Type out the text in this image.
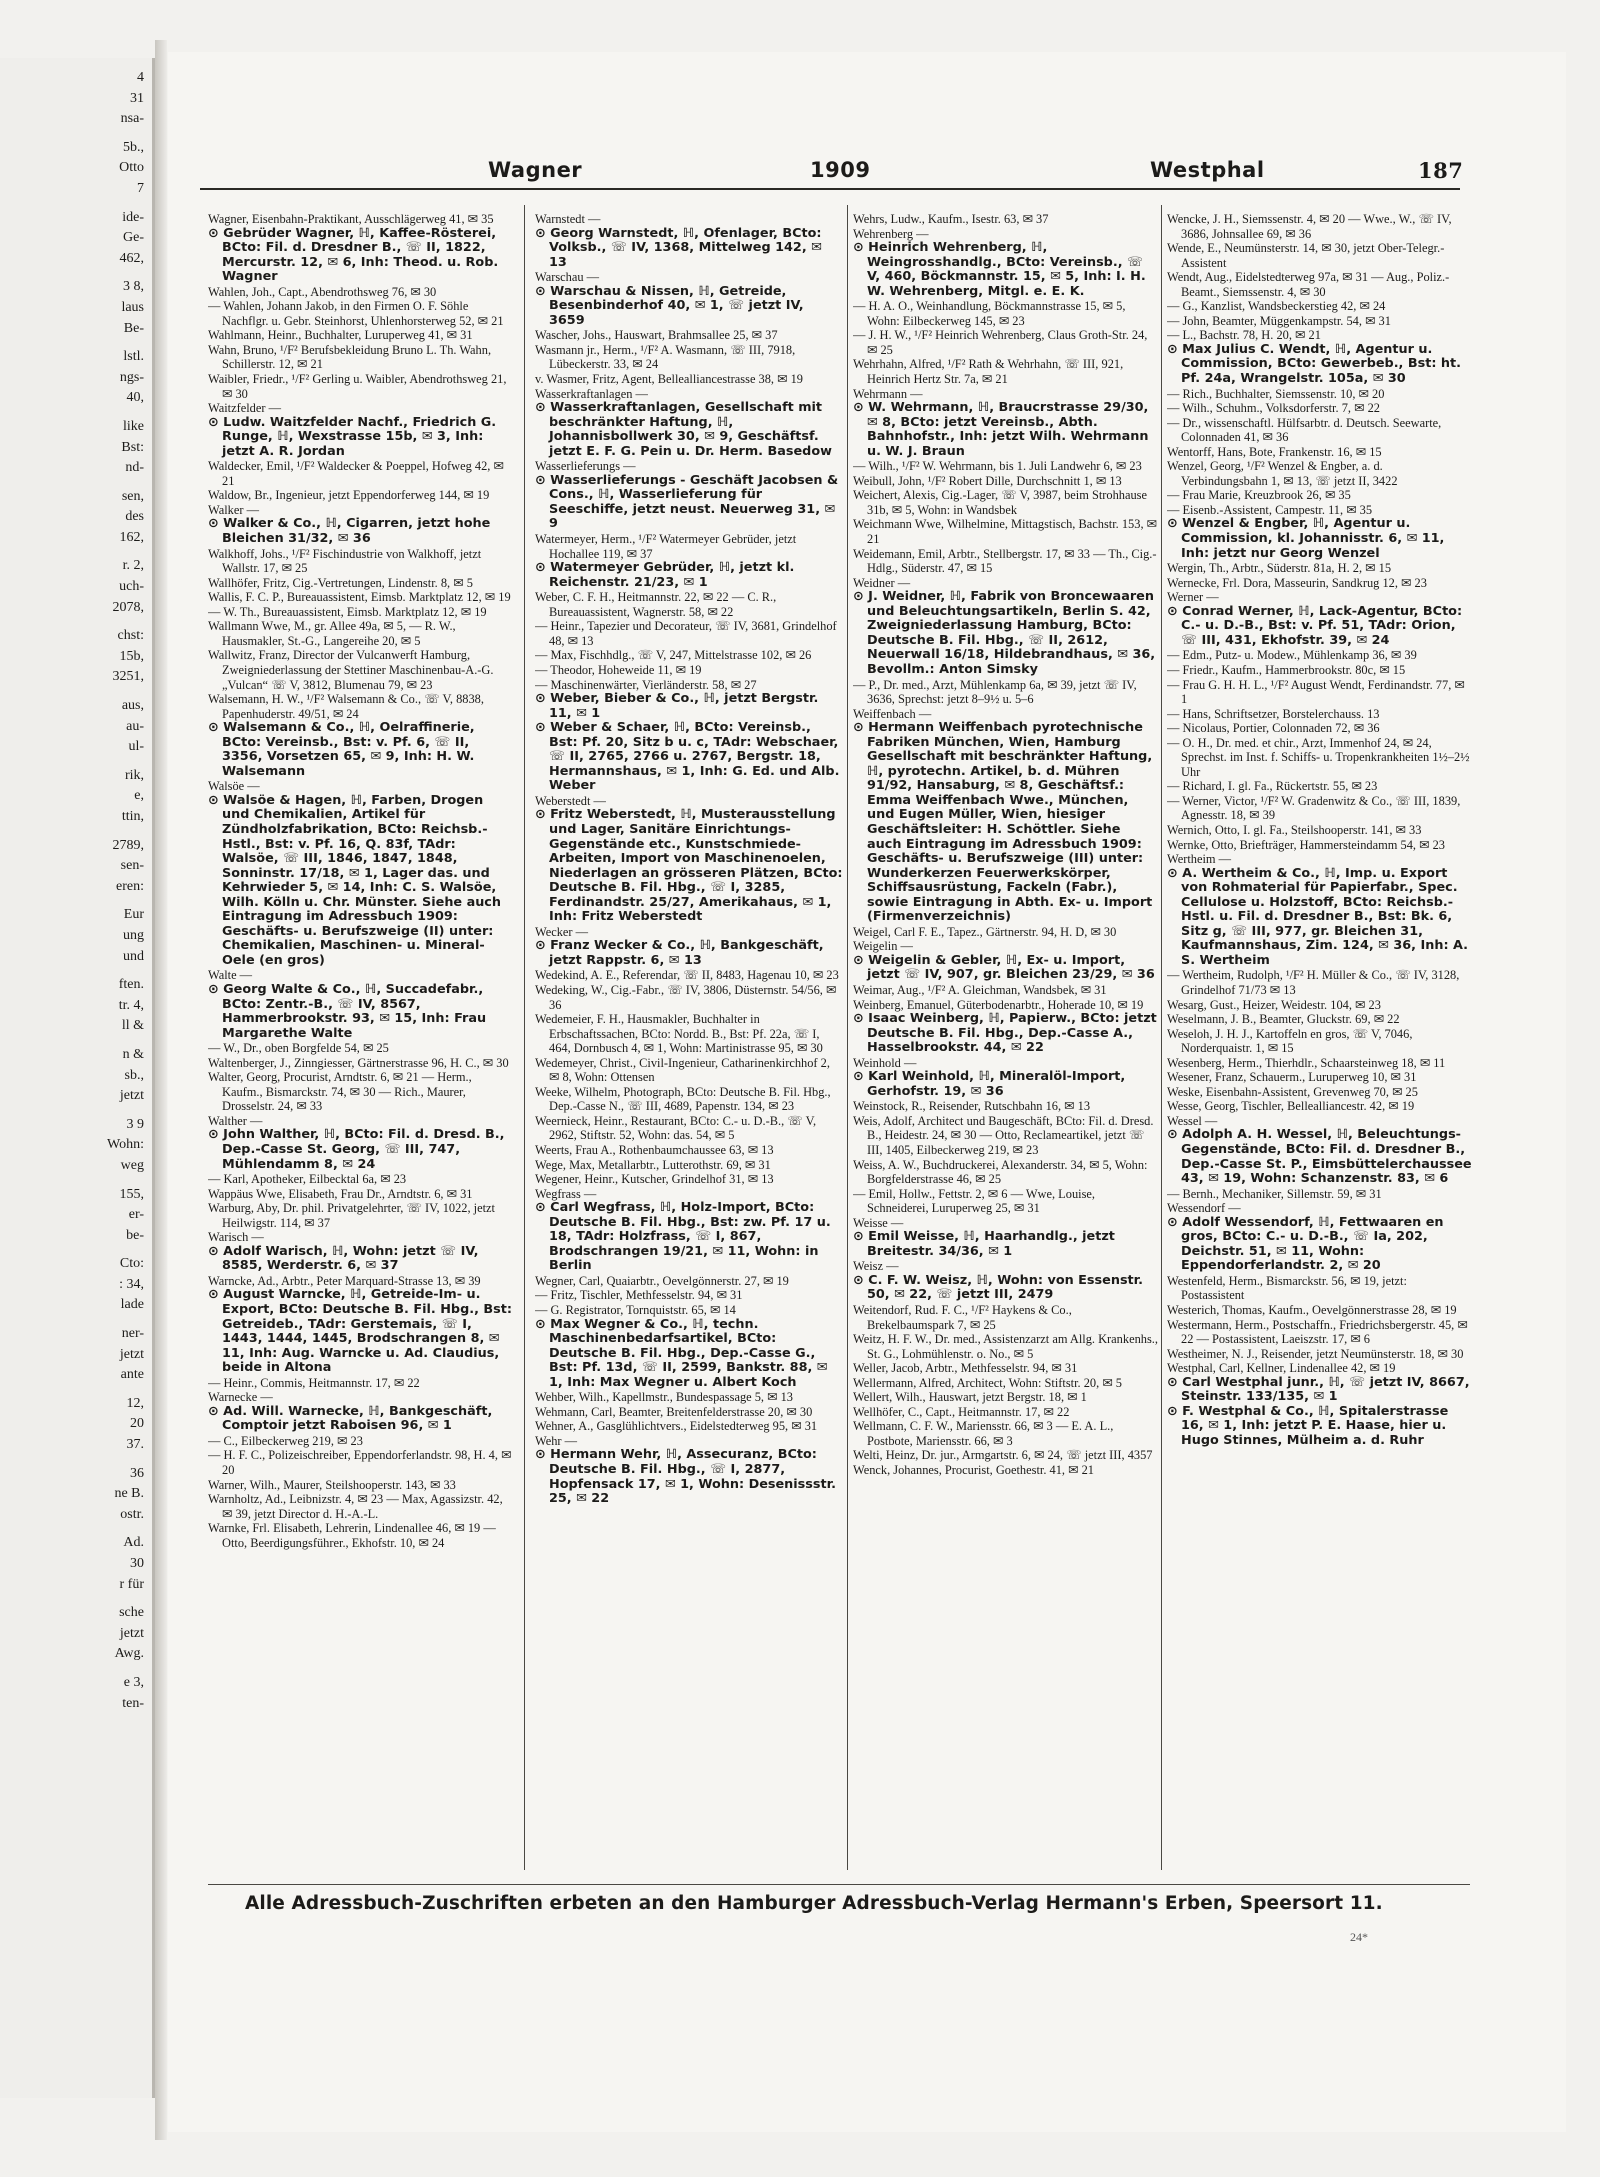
4
31
nsa-
5b.,
Otto
7
ide-
Ge-
462,
3 8,
laus
Be-
lstl.
ngs-
40,
like
Bst:
nd-
sen,
des
162,
r. 2,
uch-
2078,
chst:
15b,
3251,
aus,
au-
ul-
rik,
e,
ttin,
2789,
sen-
eren:
Eur
ung
und
ften.
tr. 4,
ll &
n &
sb.,
jetzt
3 9
Wohn:
weg
155,
er-
be-
Cto:
: 34,
lade
ner-
jetzt
ante
12,
20
37.
36
ne B.
ostr.
Ad.
30
r für
sche
jetzt
Awg.
e 3,
ten-
Wagner	1909	Westphal	187

Wagner, Eisenbahn-Praktikant, Ausschlägerweg 41, ✉ 35

⊙ Gebrüder Wagner, ℍ, Kaffee-Rösterei, BCto: Fil. d. Dresdner B., ☏ II, 1822, Mercurstr. 12, ✉ 6, Inh: Theod. u. Rob. Wagner

Wahlen, Joh., Capt., Abendrothsweg 76, ✉ 30

— Wahlen, Johann Jakob, in den Firmen O. F. Söhle Nachflgr. u. Gebr. Steinhorst, Uhlenhorsterweg 52, ✉ 21

Wahlmann, Heinr., Buchhalter, Luruperweg 41, ✉ 31

Wahn, Bruno, ¹/F² Berufsbekleidung Bruno L. Th. Wahn, Schillerstr. 12, ✉ 21

Waibler, Friedr., ¹/F² Gerling u. Waibler, Abendrothsweg 21, ✉ 30

Waitzfelder —

⊙ Ludw. Waitzfelder Nachf., Friedrich G. Runge, ℍ, Wexstrasse 15b, ✉ 3, Inh: jetzt A. R. Jordan

Waldecker, Emil, ¹/F² Waldecker & Poeppel, Hofweg 42, ✉ 21

Waldow, Br., Ingenieur, jetzt Eppendorferweg 144, ✉ 19

Walker —

⊙ Walker & Co., ℍ, Cigarren, jetzt hohe Bleichen 31/32, ✉ 36

Walkhoff, Johs., ¹/F² Fischindustrie von Walkhoff, jetzt Wallstr. 17, ✉ 25

Wallhöfer, Fritz, Cig.-Vertretungen, Lindenstr. 8, ✉ 5

Wallis, F. C. P., Bureauassistent, Eimsb. Marktplatz 12, ✉ 19

— W. Th., Bureauassistent, Eimsb. Marktplatz 12, ✉ 19

Wallmann Wwe, M., gr. Allee 49a, ✉ 5, — R. W., Hausmakler, St.-G., Langereihe 20, ✉ 5

Wallwitz, Franz, Director der Vulcanwerft Hamburg, Zweigniederlassung der Stettiner Maschinenbau-A.-G. „Vulcan“ ☏ V, 3812, Blumenau 79, ✉ 23

Walsemann, H. W., ¹/F² Walsemann & Co., ☏ V, 8838, Papenhuderstr. 49/51, ✉ 24

⊙ Walsemann & Co., ℍ, Oelraffinerie, BCto: Vereinsb., Bst: v. Pf. 6, ☏ II, 3356, Vorsetzen 65, ✉ 9, Inh: H. W. Walsemann

Walsöe —

⊙ Walsöe & Hagen, ℍ, Farben, Drogen und Chemikalien, Artikel für Zündholzfabrikation, BCto: Reichsb.-Hstl., Bst: v. Pf. 16, Q. 83f, TAdr: Walsöe, ☏ III, 1846, 1847, 1848, Sonninstr. 17/18, ✉ 1, Lager das. und Kehrwieder 5, ✉ 14, Inh: C. S. Walsöe, Wilh. Kölln u. Chr. Münster. Siehe auch Eintragung im Adressbuch 1909: Geschäfts- u. Berufszweige (II) unter: Chemikalien, Maschinen- u. Mineral-Oele (en gros)

Walte —

⊙ Georg Walte & Co., ℍ, Succadefabr., BCto: Zentr.-B., ☏ IV, 8567, Hammerbrookstr. 93, ✉ 15, Inh: Frau Margarethe Walte

— W., Dr., oben Borgfelde 54, ✉ 25

Waltenberger, J., Zinngiesser, Gärtnerstrasse 96, H. C., ✉ 30

Walter, Georg, Procurist, Arndtstr. 6, ✉ 21 — Herm., Kaufm., Bismarckstr. 74, ✉ 30 — Rich., Maurer, Drosselstr. 24, ✉ 33

Walther —

⊙ John Walther, ℍ, BCto: Fil. d. Dresd. B., Dep.-Casse St. Georg, ☏ III, 747, Mühlendamm 8, ✉ 24

— Karl, Apotheker, Eilbecktal 6a, ✉ 23

Wappäus Wwe, Elisabeth, Frau Dr., Arndtstr. 6, ✉ 31

Warburg, Aby, Dr. phil. Privatgelehrter, ☏ IV, 1022, jetzt Heilwigstr. 114, ✉ 37

Warisch —

⊙ Adolf Warisch, ℍ, Wohn: jetzt ☏ IV, 8585, Werderstr. 6, ✉ 37

Warncke, Ad., Arbtr., Peter Marquard-Strasse 13, ✉ 39

⊙ August Warncke, ℍ, Getreide-Im- u. Export, BCto: Deutsche B. Fil. Hbg., Bst: Getreideb., TAdr: Gerstemais, ☏ I, 1443, 1444, 1445, Brodschrangen 8, ✉ 11, Inh: Aug. Warncke u. Ad. Claudius, beide in Altona

— Heinr., Commis, Heitmannstr. 17, ✉ 22

Warnecke —

⊙ Ad. Will. Warnecke, ℍ, Bankgeschäft, Comptoir jetzt Raboisen 96, ✉ 1

— C., Eilbeckerweg 219, ✉ 23

— H. F. C., Polizeischreiber, Eppendorferlandstr. 98, H. 4, ✉ 20

Warner, Wilh., Maurer, Steilshooperstr. 143, ✉ 33

Warnholtz, Ad., Leibnizstr. 4, ✉ 23 — Max, Agassizstr. 42, ✉ 39, jetzt Director d. H.-A.-L.

Warnke, Frl. Elisabeth, Lehrerin, Lindenallee 46, ✉ 19 — Otto, Beerdigungsführer., Ekhofstr. 10, ✉ 24

Warnstedt —

⊙ Georg Warnstedt, ℍ, Ofenlager, BCto: Volksb., ☏ IV, 1368, Mittelweg 142, ✉ 13

Warschau —

⊙ Warschau & Nissen, ℍ, Getreide, Besenbinderhof 40, ✉ 1, ☏ jetzt IV, 3659

Wascher, Johs., Hauswart, Brahmsallee 25, ✉ 37

Wasmann jr., Herm., ¹/F² A. Wasmann, ☏ III, 7918, Lübeckerstr. 33, ✉ 24

v. Wasmer, Fritz, Agent, Bellealliancestrasse 38, ✉ 19

Wasserkraftanlagen —

⊙ Wasserkraftanlagen, Gesellschaft mit beschränkter Haftung, ℍ, Johannisbollwerk 30, ✉ 9, Geschäftsf. jetzt E. F. G. Pein u. Dr. Herm. Basedow

Wasserlieferungs —

⊙ Wasserlieferungs - Geschäft Jacobsen & Cons., ℍ, Wasserlieferung für Seeschiffe, jetzt neust. Neuerweg 31, ✉ 9

Watermeyer, Herm., ¹/F² Watermeyer Gebrüder, jetzt Hochallee 119, ✉ 37

⊙ Watermeyer Gebrüder, ℍ, jetzt kl. Reichenstr. 21/23, ✉ 1

Weber, C. F. H., Heitmannstr. 22, ✉ 22 — C. R., Bureauassistent, Wagnerstr. 58, ✉ 22

— Heinr., Tapezier und Decorateur, ☏ IV, 3681, Grindelhof 48, ✉ 13

— Max, Fischhdlg., ☏ V, 247, Mittelstrasse 102, ✉ 26

— Theodor, Hoheweide 11, ✉ 19

— Maschinenwärter, Vierländerstr. 58, ✉ 27

⊙ Weber, Bieber & Co., ℍ, jetzt Bergstr. 11, ✉ 1

⊙ Weber & Schaer, ℍ, BCto: Vereinsb., Bst: Pf. 20, Sitz b u. c, TAdr: Webschaer, ☏ II, 2765, 2766 u. 2767, Bergstr. 18, Hermannshaus, ✉ 1, Inh: G. Ed. und Alb. Weber

Weberstedt —

⊙ Fritz Weberstedt, ℍ, Musterausstellung und Lager, Sanitäre Einrichtungs-Gegenstände etc., Kunstschmiede-Arbeiten, Import von Maschinenoelen, Niederlagen an grösseren Plätzen, BCto: Deutsche B. Fil. Hbg., ☏ I, 3285, Ferdinandstr. 25/27, Amerikahaus, ✉ 1, Inh: Fritz Weberstedt

Wecker —

⊙ Franz Wecker & Co., ℍ, Bankgeschäft, jetzt Rappstr. 6, ✉ 13

Wedekind, A. E., Referendar, ☏ II, 8483, Hagenau 10, ✉ 23

Wedeking, W., Cig.-Fabr., ☏ IV, 3806, Düsternstr. 54/56, ✉ 36

Wedemeier, F. H., Hausmakler, Buchhalter in Erbschaftssachen, BCto: Nordd. B., Bst: Pf. 22a, ☏ I, 464, Dornbusch 4, ✉ 1, Wohn: Martinistrasse 95, ✉ 30

Wedemeyer, Christ., Civil-Ingenieur, Catharinenkirchhof 2, ✉ 8, Wohn: Ottensen

Weeke, Wilhelm, Photograph, BCto: Deutsche B. Fil. Hbg., Dep.-Casse N., ☏ III, 4689, Papenstr. 134, ✉ 23

Weernieck, Heinr., Restaurant, BCto: C.- u. D.-B., ☏ V, 2962, Stiftstr. 52, Wohn: das. 54, ✉ 5

Weerts, Frau A., Rothenbaumchaussee 63, ✉ 13

Wege, Max, Metallarbtr., Lutterothstr. 69, ✉ 31

Wegener, Heinr., Kutscher, Grindelhof 31, ✉ 13

Wegfrass —

⊙ Carl Wegfrass, ℍ, Holz-Import, BCto: Deutsche B. Fil. Hbg., Bst: zw. Pf. 17 u. 18, TAdr: Holzfrass, ☏ I, 867, Brodschrangen 19/21, ✉ 11, Wohn: in Berlin

Wegner, Carl, Quaiarbtr., Oevelgönnerstr. 27, ✉ 19

— Fritz, Tischler, Methfesselstr. 94, ✉ 31

— G. Registrator, Tornquiststr. 65, ✉ 14

⊙ Max Wegner & Co., ℍ, techn. Maschinenbedarfsartikel, BCto: Deutsche B. Fil. Hbg., Dep.-Casse G., Bst: Pf. 13d, ☏ II, 2599, Bankstr. 88, ✉ 1, Inh: Max Wegner u. Albert Koch

Wehber, Wilh., Kapellmstr., Bundespassage 5, ✉ 13

Wehmann, Carl, Beamter, Breitenfelderstrasse 20, ✉ 30

Wehner, A., Gasglühlichtvers., Eidelstedterweg 95, ✉ 31

Wehr —

⊙ Hermann Wehr, ℍ, Assecuranz, BCto: Deutsche B. Fil. Hbg., ☏ I, 2877, Hopfensack 17, ✉ 1, Wohn: Desenissstr. 25, ✉ 22

Wehrs, Ludw., Kaufm., Isestr. 63, ✉ 37

Wehrenberg —

⊙ Heinrich Wehrenberg, ℍ, Weingrosshandlg., BCto: Vereinsb., ☏ V, 460, Böckmannstr. 15, ✉ 5, Inh: I. H. W. Wehrenberg, Mitgl. e. E. K.

— H. A. O., Weinhandlung, Böckmannstrasse 15, ✉ 5, Wohn: Eilbeckerweg 145, ✉ 23

— J. H. W., ¹/F² Heinrich Wehrenberg, Claus Groth-Str. 24, ✉ 25

Wehrhahn, Alfred, ¹/F² Rath & Wehrhahn, ☏ III, 921, Heinrich Hertz Str. 7a, ✉ 21

Wehrmann —

⊙ W. Wehrmann, ℍ, Braucrstrasse 29/30, ✉ 8, BCto: jetzt Vereinsb., Abth. Bahnhofstr., Inh: jetzt Wilh. Wehrmann u. W. J. Braun

— Wilh., ¹/F² W. Wehrmann, bis 1. Juli Landwehr 6, ✉ 23

Weibull, John, ¹/F² Robert Dille, Durchschnitt 1, ✉ 13

Weichert, Alexis, Cig.-Lager, ☏ V, 3987, beim Strohhause 31b, ✉ 5, Wohn: in Wandsbek

Weichmann Wwe, Wilhelmine, Mittagstisch, Bachstr. 153, ✉ 21

Weidemann, Emil, Arbtr., Stellbergstr. 17, ✉ 33 — Th., Cig.-Hdlg., Süderstr. 47, ✉ 15

Weidner —

⊙ J. Weidner, ℍ, Fabrik von Broncewaaren und Beleuchtungsartikeln, Berlin S. 42, Zweigniederlassung Hamburg, BCto: Deutsche B. Fil. Hbg., ☏ II, 2612, Neuerwall 16/18, Hildebrandhaus, ✉ 36, Bevollm.: Anton Simsky

— P., Dr. med., Arzt, Mühlenkamp 6a, ✉ 39, jetzt ☏ IV, 3636, Sprechst: jetzt 8–9½ u. 5–6

Weiffenbach —

⊙ Hermann Weiffenbach pyrotechnische Fabriken München, Wien, Hamburg Gesellschaft mit beschränkter Haftung, ℍ, pyrotechn. Artikel, b. d. Mühren 91/92, Hansaburg, ✉ 8, Geschäftsf.: Emma Weiffenbach Wwe., München, und Eugen Müller, Wien, hiesiger Geschäftsleiter: H. Schöttler. Siehe auch Eintragung im Adressbuch 1909: Geschäfts- u. Berufszweige (III) unter: Wunderkerzen Feuerwerkskörper, Schiffsausrüstung, Fackeln (Fabr.), sowie Eintragung in Abth. Ex- u. Import (Firmenverzeichnis)

Weigel, Carl F. E., Tapez., Gärtnerstr. 94, H. D, ✉ 30

Weigelin —

⊙ Weigelin & Gebler, ℍ, Ex- u. Import, jetzt ☏ IV, 907, gr. Bleichen 23/29, ✉ 36

Weimar, Aug., ¹/F² A. Gleichman, Wandsbek, ✉ 31

Weinberg, Emanuel, Güterbodenarbtr., Hoherade 10, ✉ 19

⊙ Isaac Weinberg, ℍ, Papierw., BCto: jetzt Deutsche B. Fil. Hbg., Dep.-Casse A., Hasselbrookstr. 44, ✉ 22

Weinhold —

⊙ Karl Weinhold, ℍ, Mineralöl-Import, Gerhofstr. 19, ✉ 36

Weinstock, R., Reisender, Rutschbahn 16, ✉ 13

Weis, Adolf, Architect und Baugeschäft, BCto: Fil. d. Dresd. B., Heidestr. 24, ✉ 30 — Otto, Reclameartikel, jetzt ☏ III, 1405, Eilbeckerweg 219, ✉ 23

Weiss, A. W., Buchdruckerei, Alexanderstr. 34, ✉ 5, Wohn: Borgfelderstrasse 46, ✉ 25

— Emil, Hollw., Fettstr. 2, ✉ 6 — Wwe, Louise, Schneiderei, Luruperweg 25, ✉ 31

Weisse —

⊙ Emil Weisse, ℍ, Haarhandlg., jetzt Breitestr. 34/36, ✉ 1

Weisz —

⊙ C. F. W. Weisz, ℍ, Wohn: von Essenstr. 50, ✉ 22, ☏ jetzt III, 2479

Weitendorf, Rud. F. C., ¹/F² Haykens & Co., Brekelbaumspark 7, ✉ 25

Weitz, H. F. W., Dr. med., Assistenzarzt am Allg. Krankenhs., St. G., Lohmühlenstr. o. No., ✉ 5

Weller, Jacob, Arbtr., Methfesselstr. 94, ✉ 31

Wellermann, Alfred, Architect, Wohn: Stiftstr. 20, ✉ 5

Wellert, Wilh., Hauswart, jetzt Bergstr. 18, ✉ 1

Wellhöfer, C., Capt., Heitmannstr. 17, ✉ 22

Wellmann, C. F. W., Mariensstr. 66, ✉ 3 — E. A. L., Postbote, Mariensstr. 66, ✉ 3

Welti, Heinz, Dr. jur., Armgartstr. 6, ✉ 24, ☏ jetzt III, 4357

Wenck, Johannes, Procurist, Goethestr. 41, ✉ 21

Wencke, J. H., Siemssenstr. 4, ✉ 20 — Wwe., W., ☏ IV, 3686, Johnsallee 69, ✉ 36

Wende, E., Neumünsterstr. 14, ✉ 30, jetzt Ober-Telegr.-Assistent

Wendt, Aug., Eidelstedterweg 97a, ✉ 31 — Aug., Poliz.-Beamt., Siemssenstr. 4, ✉ 30

— G., Kanzlist, Wandsbeckerstieg 42, ✉ 24

— John, Beamter, Müggenkampstr. 54, ✉ 31

— L., Bachstr. 78, H. 20, ✉ 21

⊙ Max Julius C. Wendt, ℍ, Agentur u. Commission, BCto: Gewerbeb., Bst: ht. Pf. 24a, Wrangelstr. 105a, ✉ 30

— Rich., Buchhalter, Siemssenstr. 10, ✉ 20

— Wilh., Schuhm., Volksdorferstr. 7, ✉ 22

— Dr., wissenschaftl. Hülfsarbtr. d. Deutsch. Seewarte, Colonnaden 41, ✉ 36

Wentorff, Hans, Bote, Frankenstr. 16, ✉ 15

Wenzel, Georg, ¹/F² Wenzel & Engber, a. d. Verbindungsbahn 1, ✉ 13, ☏ jetzt II, 3422

— Frau Marie, Kreuzbrook 26, ✉ 35

— Eisenb.-Assistent, Campestr. 11, ✉ 35

⊙ Wenzel & Engber, ℍ, Agentur u. Commission, kl. Johannisstr. 6, ✉ 11, Inh: jetzt nur Georg Wenzel

Wergin, Th., Arbtr., Süderstr. 81a, H. 2, ✉ 15

Wernecke, Frl. Dora, Masseurin, Sandkrug 12, ✉ 23

Werner —

⊙ Conrad Werner, ℍ, Lack-Agentur, BCto: C.- u. D.-B., Bst: v. Pf. 51, TAdr: Orion, ☏ III, 431, Ekhofstr. 39, ✉ 24

— Edm., Putz- u. Modew., Mühlenkamp 36, ✉ 39

— Friedr., Kaufm., Hammerbrookstr. 80c, ✉ 15

— Frau G. H. H. L., ¹/F² August Wendt, Ferdinandstr. 77, ✉ 1

— Hans, Schriftsetzer, Borstelerchauss. 13

— Nicolaus, Portier, Colonnaden 72, ✉ 36

— O. H., Dr. med. et chir., Arzt, Immenhof 24, ✉ 24, Sprechst. im Inst. f. Schiffs- u. Tropenkrankheiten 1½–2½ Uhr

— Richard, I. gl. Fa., Rückertstr. 55, ✉ 23

— Werner, Victor, ¹/F² W. Gradenwitz & Co., ☏ III, 1839, Agnesstr. 18, ✉ 39

Wernich, Otto, I. gl. Fa., Steilshooperstr. 141, ✉ 33

Wernke, Otto, Briefträger, Hammersteindamm 54, ✉ 23

Wertheim —

⊙ A. Wertheim & Co., ℍ, Imp. u. Export von Rohmaterial für Papierfabr., Spec. Cellulose u. Holzstoff, BCto: Reichsb.-Hstl. u. Fil. d. Dresdner B., Bst: Bk. 6, Sitz g, ☏ III, 977, gr. Bleichen 31, Kaufmannshaus, Zim. 124, ✉ 36, Inh: A. S. Wertheim

— Wertheim, Rudolph, ¹/F² H. Müller & Co., ☏ IV, 3128, Grindelhof 71/73 ✉ 13

Wesarg, Gust., Heizer, Weidestr. 104, ✉ 23

Weselmann, J. B., Beamter, Gluckstr. 69, ✉ 22

Weseloh, J. H. J., Kartoffeln en gros, ☏ V, 7046, Norderquaistr. 1, ✉ 15

Wesenberg, Herm., Thierhdlr., Schaarsteinweg 18, ✉ 11

Wesener, Franz, Schauerm., Luruperweg 10, ✉ 31

Weske, Eisenbahn-Assistent, Grevenweg 70, ✉ 25

Wesse, Georg, Tischler, Bellealliancestr. 42, ✉ 19

Wessel —

⊙ Adolph A. H. Wessel, ℍ, Beleuchtungs-Gegenstände, BCto: Fil. d. Dresdner B., Dep.-Casse St. P., Eimsbüttelerchaussee 43, ✉ 19, Wohn: Schanzenstr. 83, ✉ 6

— Bernh., Mechaniker, Sillemstr. 59, ✉ 31

Wessendorf —

⊙ Adolf Wessendorf, ℍ, Fettwaaren en gros, BCto: C.- u. D.-B., ☏ Ia, 202, Deichstr. 51, ✉ 11, Wohn: Eppendorferlandstr. 2, ✉ 20

Westenfeld, Herm., Bismarckstr. 56, ✉ 19, jetzt: Postassistent

Westerich, Thomas, Kaufm., Oevelgönnerstrasse 28, ✉ 19

Westermann, Herm., Postschaffn., Friedrichsbergerstr. 45, ✉ 22 — Postassistent, Laeiszstr. 17, ✉ 6

Westheimer, N. J., Reisender, jetzt Neumünsterstr. 18, ✉ 30

Westphal, Carl, Kellner, Lindenallee 42, ✉ 19

⊙ Carl Westphal junr., ℍ, ☏ jetzt IV, 8667, Steinstr. 133/135, ✉ 1

⊙ F. Westphal & Co., ℍ, Spitalerstrasse 16, ✉ 1, Inh: jetzt P. E. Haase, hier u. Hugo Stinnes, Mülheim a. d. Ruhr

Alle Adressbuch-Zuschriften erbeten an den Hamburger Adressbuch-Verlag Hermann's Erben, Speersort 11.
24*
